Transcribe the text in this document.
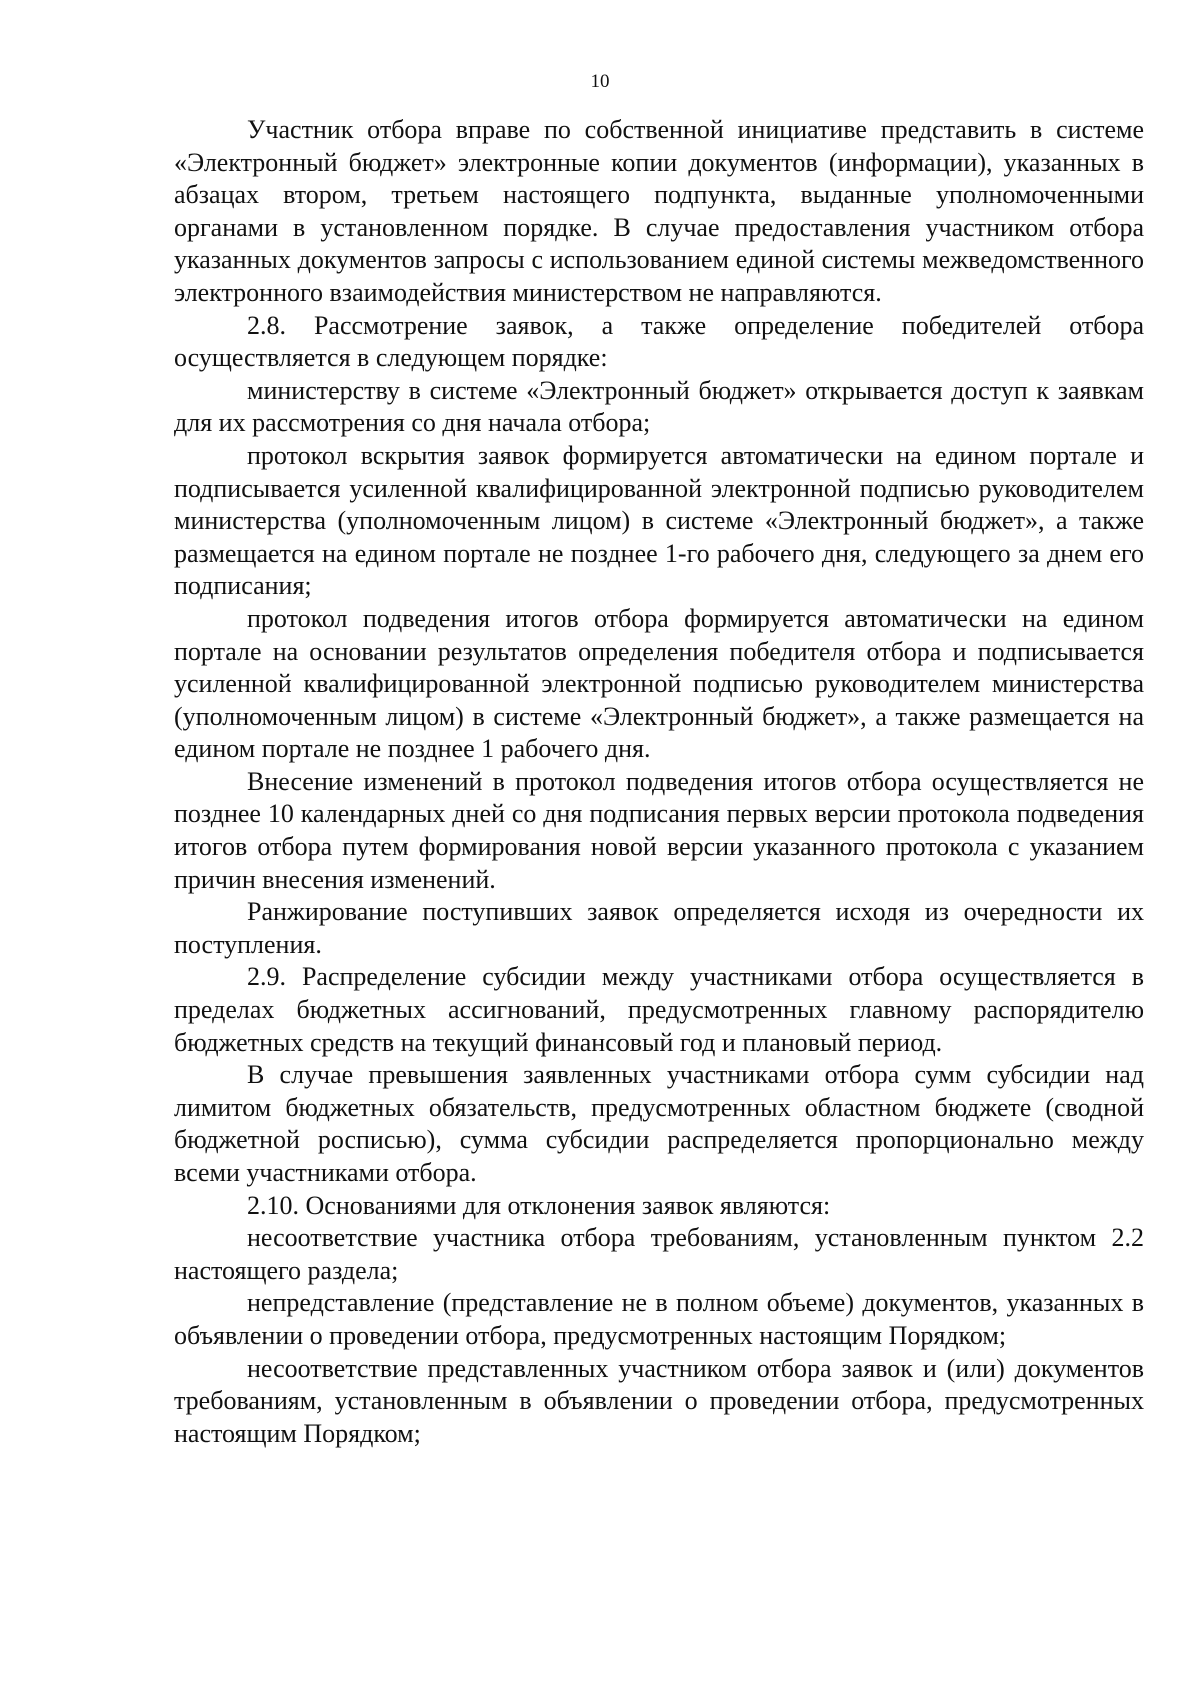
10

Участник отбора вправе по собственной инициативе представить в системе «Электронный бюджет» электронные копии документов (информации), указанных в абзацах втором, третьем настоящего подпункта, выданные уполномоченными органами в установленном порядке. В случае предоставления участником отбора указанных документов запросы с использованием единой системы межведомственного электронного взаимодействия министерством не направляются.

2.8. Рассмотрение заявок, а также определение победителей отбора осуществляется в следующем порядке:

министерству в системе «Электронный бюджет» открывается доступ к заявкам для их рассмотрения со дня начала отбора;

протокол вскрытия заявок формируется автоматически на едином портале и подписывается усиленной квалифицированной электронной подписью руководителем министерства (уполномоченным лицом) в системе «Электронный бюджет», а также размещается на едином портале не позднее 1-го рабочего дня, следующего за днем его подписания;

протокол подведения итогов отбора формируется автоматически на едином портале на основании результатов определения победителя отбора и подписывается усиленной квалифицированной электронной подписью руководителем министерства (уполномоченным лицом) в системе «Электронный бюджет», а также размещается на едином портале не позднее 1 рабочего дня.

Внесение изменений в протокол подведения итогов отбора осуществляется не позднее 10 календарных дней со дня подписания первых версии протокола подведения итогов отбора путем формирования новой версии указанного протокола с указанием причин внесения изменений.

Ранжирование поступивших заявок определяется исходя из очередности их поступления.

2.9. Распределение субсидии между участниками отбора осуществляется в пределах бюджетных ассигнований, предусмотренных главному распорядителю бюджетных средств на текущий финансовый год и плановый период.

В случае превышения заявленных участниками отбора сумм субсидии над лимитом бюджетных обязательств, предусмотренных областном бюджете (сводной бюджетной росписью), сумма субсидии распределяется пропорционально между всеми участниками отбора.

2.10. Основаниями для отклонения заявок являются:

несоответствие участника отбора требованиям, установленным пунктом 2.2 настоящего раздела;

непредставление (представление не в полном объеме) документов, указанных в объявлении о проведении отбора, предусмотренных настоящим Порядком;

несоответствие представленных участником отбора заявок и (или) документов требованиям, установленным в объявлении о проведении отбора, предусмотренных настоящим Порядком;
